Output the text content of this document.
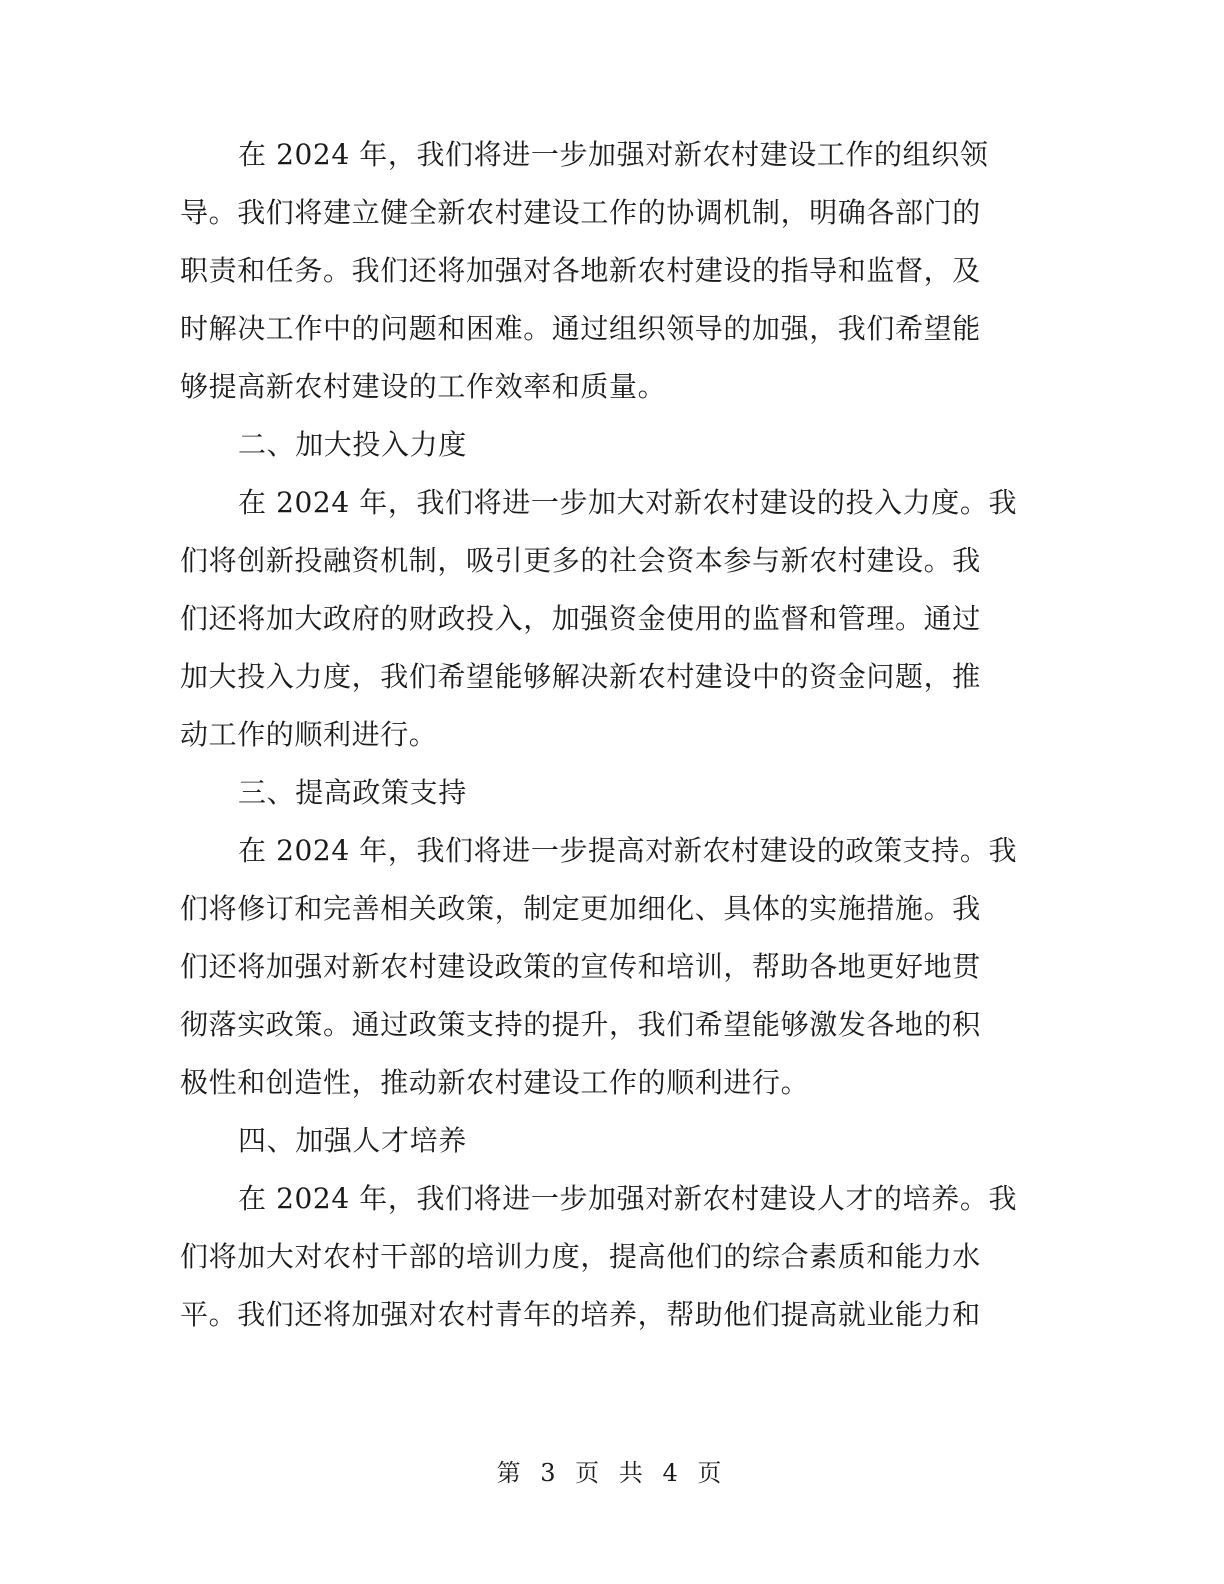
在 2024 年，我们将进一步加强对新农村建设工作的组织领
导。我们将建立健全新农村建设工作的协调机制，明确各部门的
职责和任务。我们还将加强对各地新农村建设的指导和监督，及
时解决工作中的问题和困难。通过组织领导的加强，我们希望能
够提高新农村建设的工作效率和质量。
二、加大投入力度
在 2024 年，我们将进一步加大对新农村建设的投入力度。我
们将创新投融资机制，吸引更多的社会资本参与新农村建设。我
们还将加大政府的财政投入，加强资金使用的监督和管理。通过
加大投入力度，我们希望能够解决新农村建设中的资金问题，推
动工作的顺利进行。
三、提高政策支持
在 2024 年，我们将进一步提高对新农村建设的政策支持。我
们将修订和完善相关政策，制定更加细化、具体的实施措施。我
们还将加强对新农村建设政策的宣传和培训，帮助各地更好地贯
彻落实政策。通过政策支持的提升，我们希望能够激发各地的积
极性和创造性，推动新农村建设工作的顺利进行。
四、加强人才培养
在 2024 年，我们将进一步加强对新农村建设人才的培养。我
们将加大对农村干部的培训力度，提高他们的综合素质和能力水
平。我们还将加强对农村青年的培养，帮助他们提高就业能力和
第 3 页 共 4 页
